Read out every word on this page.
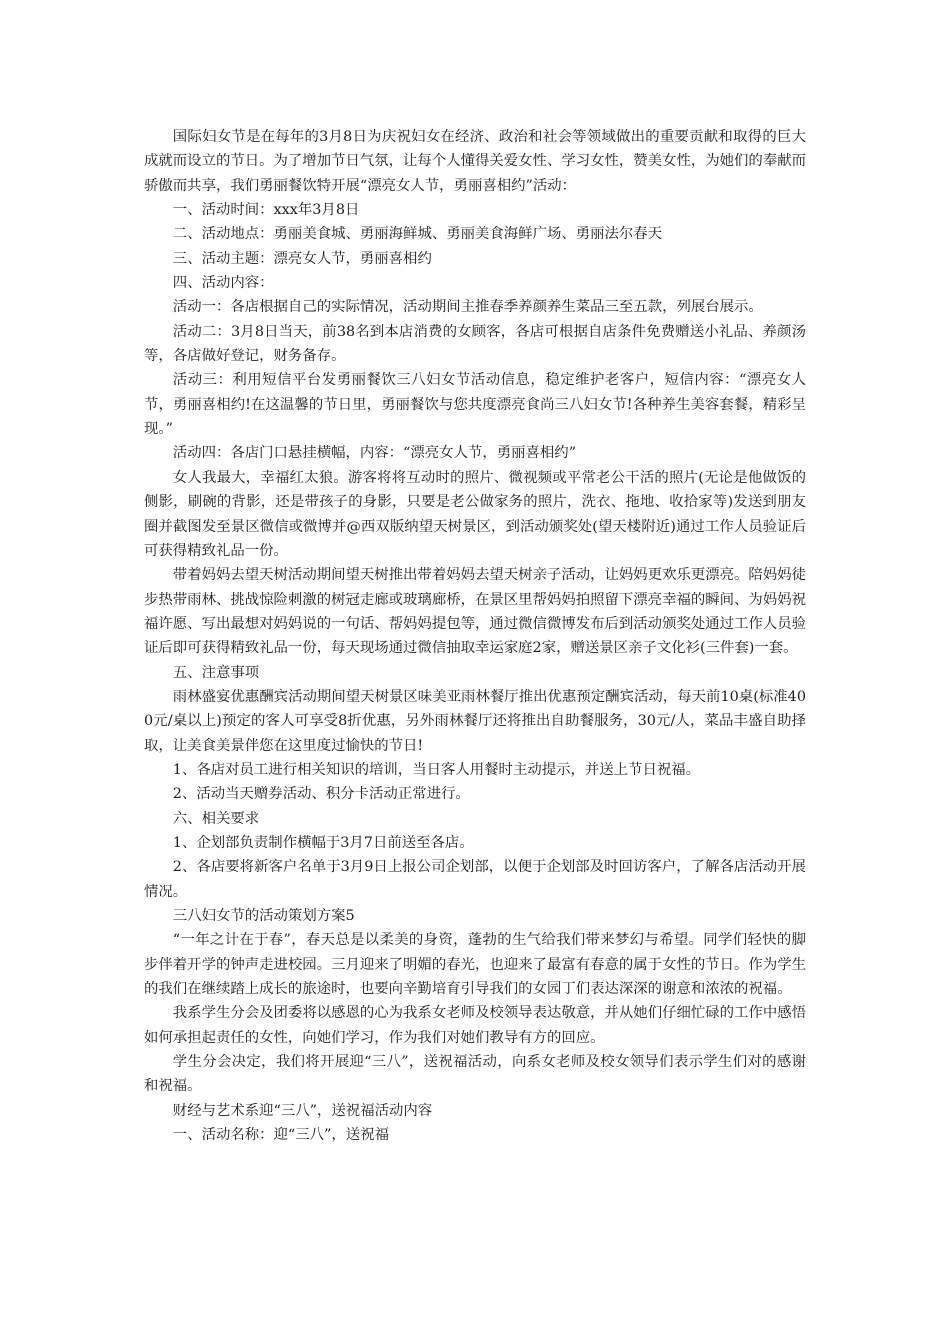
国际妇女节是在每年的3月8日为庆祝妇女在经济、政治和社会等领域做出的重要贡献和取得的巨大成就而设立的节日。为了增加节日气氛，让每个人懂得关爱女性、学习女性，赞美女性，为她们的奉献而骄傲而共享，我们勇丽餐饮特开展“漂亮女人节，勇丽喜相约”活动：

一、活动时间：xxx年3月8日

二、活动地点：勇丽美食城、勇丽海鲜城、勇丽美食海鲜广场、勇丽法尔春天

三、活动主题：漂亮女人节，勇丽喜相约

四、活动内容：

活动一：各店根据自己的实际情况，活动期间主推春季养颜养生菜品三至五款，列展台展示。

活动二：3月8日当天，前38名到本店消费的女顾客，各店可根据自店条件免费赠送小礼品、养颜汤等，各店做好登记，财务备存。

活动三：利用短信平台发勇丽餐饮三八妇女节活动信息，稳定维护老客户，短信内容：“漂亮女人节，勇丽喜相约!在这温馨的节日里，勇丽餐饮与您共度漂亮食尚三八妇女节!各种养生美容套餐，精彩呈现。”

活动四：各店门口悬挂横幅，内容：“漂亮女人节，勇丽喜相约”

女人我最大，幸福红太狼。游客将将互动时的照片、微视频或平常老公干活的照片(无论是他做饭的侧影，刷碗的背影，还是带孩子的身影，只要是老公做家务的照片，洗衣、拖地、收拾家等)发送到朋友圈并截图发至景区微信或微博并@西双版纳望天树景区，到活动颁奖处(望天楼附近)通过工作人员验证后可获得精致礼品一份。

带着妈妈去望天树活动期间望天树推出带着妈妈去望天树亲子活动，让妈妈更欢乐更漂亮。陪妈妈徒步热带雨林、挑战惊险刺激的树冠走廊或玻璃廊桥，在景区里帮妈妈拍照留下漂亮幸福的瞬间、为妈妈祝福许愿、写出最想对妈妈说的一句话、帮妈妈提包等，通过微信微博发布后到活动颁奖处通过工作人员验证后即可获得精致礼品一份，每天现场通过微信抽取幸运家庭2家，赠送景区亲子文化衫(三件套)一套。

五、注意事项

雨林盛宴优惠酬宾活动期间望天树景区味美亚雨林餐厅推出优惠预定酬宾活动，每天前10桌(标准400元/桌以上)预定的客人可享受8折优惠，另外雨林餐厅还将推出自助餐服务，30元/人，菜品丰盛自助择取，让美食美景伴您在这里度过愉快的节日!

1、各店对员工进行相关知识的培训，当日客人用餐时主动提示，并送上节日祝福。

2、活动当天赠券活动、积分卡活动正常进行。

六、相关要求

1、企划部负责制作横幅于3月7日前送至各店。

2、各店要将新客户名单于3月9日上报公司企划部，以便于企划部及时回访客户，了解各店活动开展情况。

三八妇女节的活动策划方案5

“一年之计在于春”，春天总是以柔美的身资，蓬勃的生气给我们带来梦幻与希望。同学们轻快的脚步伴着开学的钟声走进校园。三月迎来了明媚的春光，也迎来了最富有春意的属于女性的节日。作为学生的我们在继续踏上成长的旅途时，也要向辛勤培育引导我们的女园丁们表达深深的谢意和浓浓的祝福。

我系学生分会及团委将以感恩的心为我系女老师及校领导表达敬意，并从她们仔细忙碌的工作中感悟如何承担起责任的女性，向她们学习，作为我们对她们教导有方的回应。

学生分会决定，我们将开展迎“三八”，送祝福活动，向系女老师及校女领导们表示学生们对的感谢和祝福。

财经与艺术系迎“三八”，送祝福活动内容

一、活动名称：迎“三八”，送祝福
